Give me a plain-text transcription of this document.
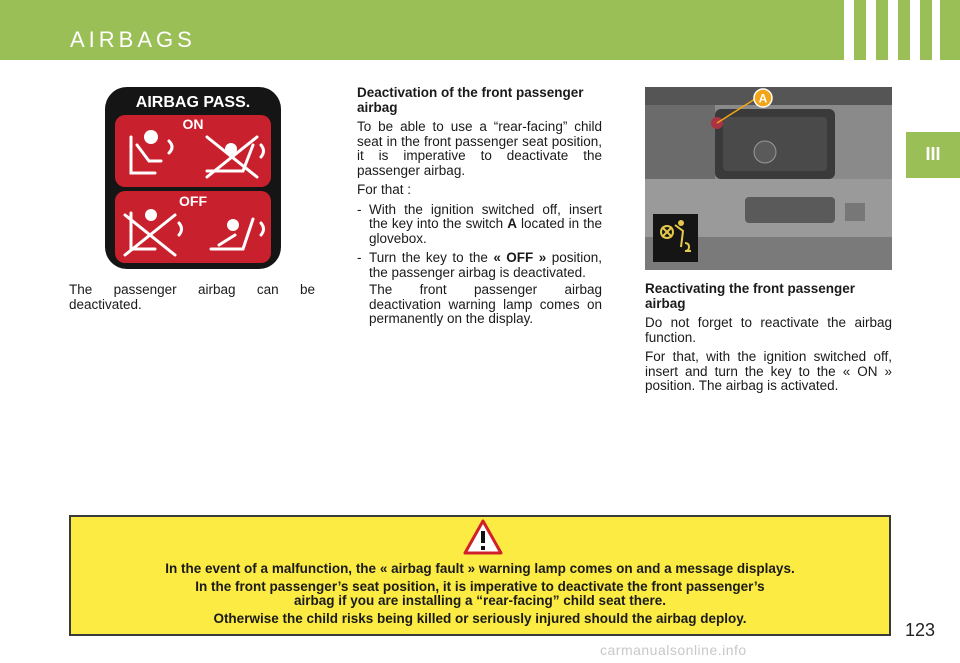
AIRBAGS
III
AIRBAG PASS.
ON
OFF
The passenger airbag can be deactivated.
Deactivation of the front passenger airbag

To be able to use a “rear-facing” child seat in the front passenger seat position, it is imperative to deactivate the passenger airbag.

For that :

- With the ignition switched off, insert the key into the switch A located in the glovebox.
- Turn the key to the « OFF » position, the passenger airbag is deactivated.
The front passenger airbag deactivation warning lamp comes on permanently on the display.
A
Reactivating the front passenger airbag

Do not forget to reactivate the airbag function.

For that, with the ignition switched off, insert and turn the key to the « ON » position. The airbag is activated.

In the event of a malfunction, the « airbag fault » warning lamp comes on and a message displays.
In the front passenger’s seat position, it is imperative to deactivate the front passenger’s airbag if you are installing a “rear-facing” child seat there.
Otherwise the child risks being killed or seriously injured should the airbag deploy.
123
carmanualsonline.info
